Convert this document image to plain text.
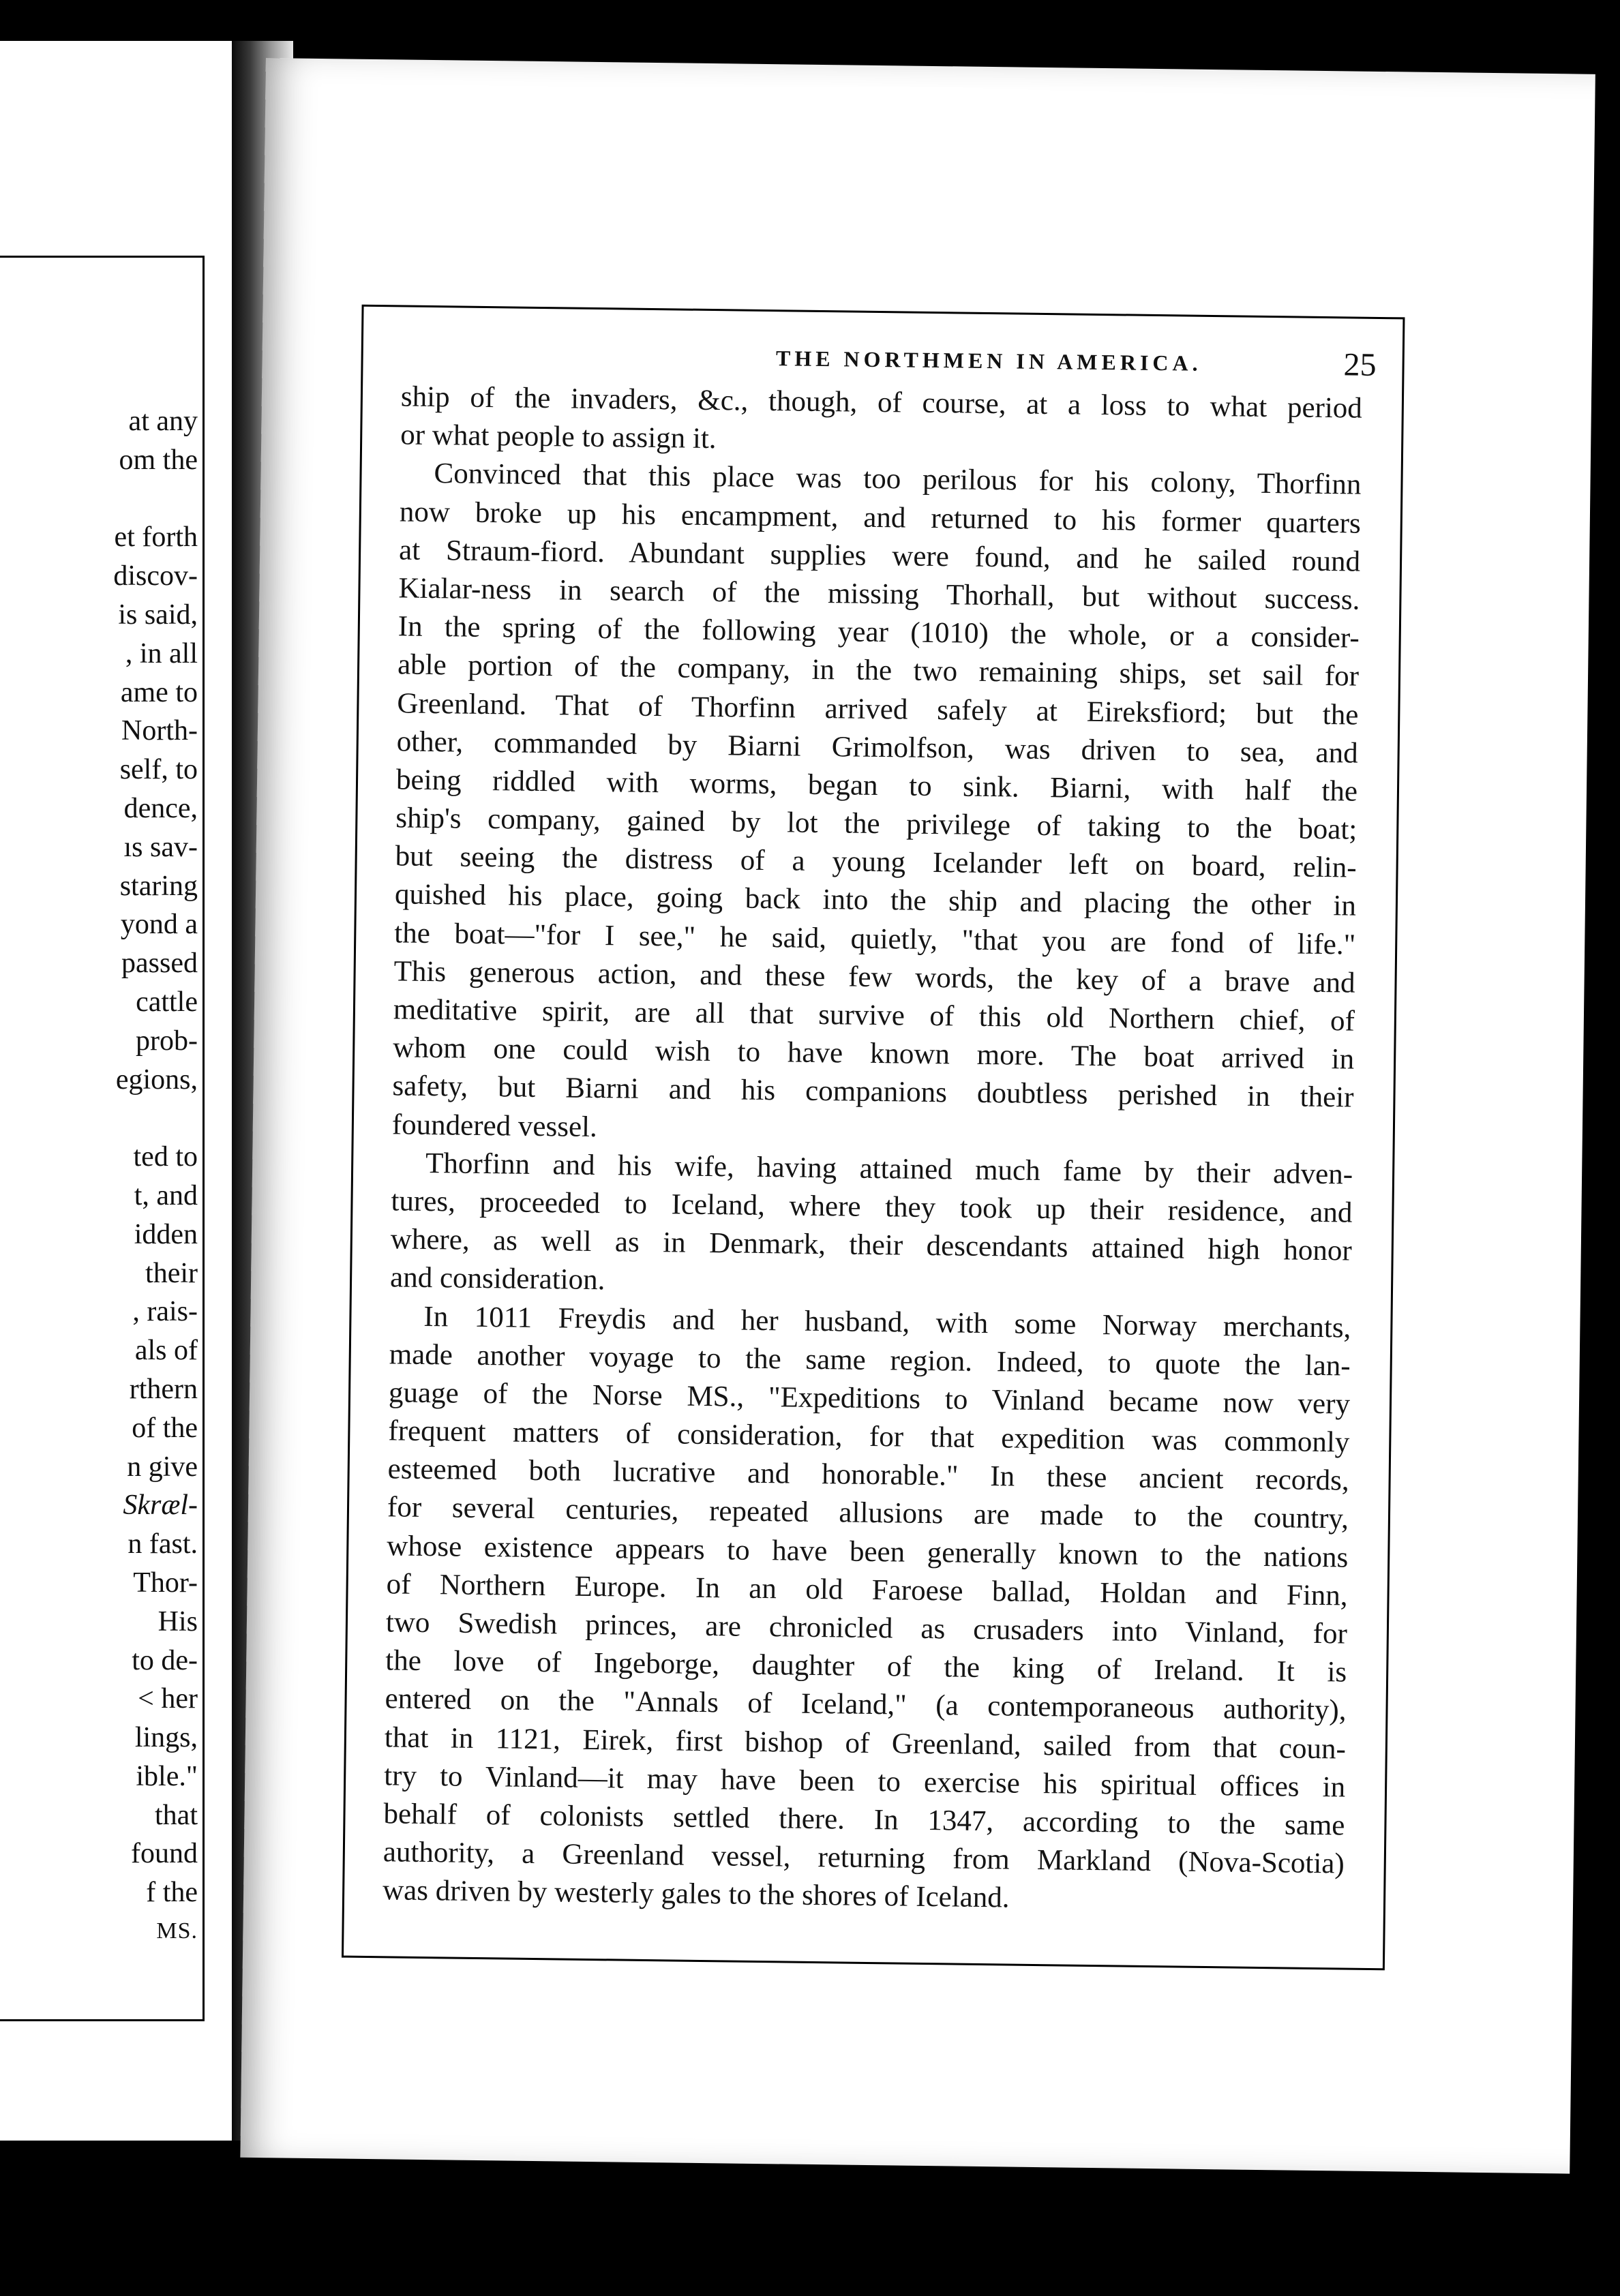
at any
om the
et forth
discov-
is said,
, in all
ame to
North-
self, to
dence,
ıs sav-
staring
yond a
passed
cattle
prob-
egions,
ted to
t, and
idden
their
, rais-
als of
rthern
of the
n give
Skræl-
n fast.
Thor-
His
to de-
< her
lings,
ible."
that
found
f the
MS.
THE NORTHMEN IN AMERICA.	25
ship of the invaders, &c., though, of course, at a loss to what period
or what people to assign it.
Convinced that this place was too perilous for his colony, Thorfinn
now broke up his encampment, and returned to his former quarters
at Straum-fiord. Abundant supplies were found, and he sailed round
Kialar-ness in search of the missing Thorhall, but without success.
In the spring of the following year (1010) the whole, or a consider-
able portion of the company, in the two remaining ships, set sail for
Greenland. That of Thorfinn arrived safely at Eireksfiord; but the
other, commanded by Biarni Grimolfson, was driven to sea, and
being riddled with worms, began to sink. Biarni, with half the
ship's company, gained by lot the privilege of taking to the boat;
but seeing the distress of a young Icelander left on board, relin-
quished his place, going back into the ship and placing the other in
the boat—"for I see," he said, quietly, "that you are fond of life."
This generous action, and these few words, the key of a brave and
meditative spirit, are all that survive of this old Northern chief, of
whom one could wish to have known more. The boat arrived in
safety, but Biarni and his companions doubtless perished in their
foundered vessel.
Thorfinn and his wife, having attained much fame by their adven-
tures, proceeded to Iceland, where they took up their residence, and
where, as well as in Denmark, their descendants attained high honor
and consideration.
In 1011 Freydis and her husband, with some Norway merchants,
made another voyage to the same region. Indeed, to quote the lan-
guage of the Norse MS., "Expeditions to Vinland became now very
frequent matters of consideration, for that expedition was commonly
esteemed both lucrative and honorable." In these ancient records,
for several centuries, repeated allusions are made to the country,
whose existence appears to have been generally known to the nations
of Northern Europe. In an old Faroese ballad, Holdan and Finn,
two Swedish princes, are chronicled as crusaders into Vinland, for
the love of Ingeborge, daughter of the king of Ireland. It is
entered on the "Annals of Iceland," (a contemporaneous authority),
that in 1121, Eirek, first bishop of Greenland, sailed from that coun-
try to Vinland—it may have been to exercise his spiritual offices in
behalf of colonists settled there. In 1347, according to the same
authority, a Greenland vessel, returning from Markland (Nova-Scotia)
was driven by westerly gales to the shores of Iceland.
